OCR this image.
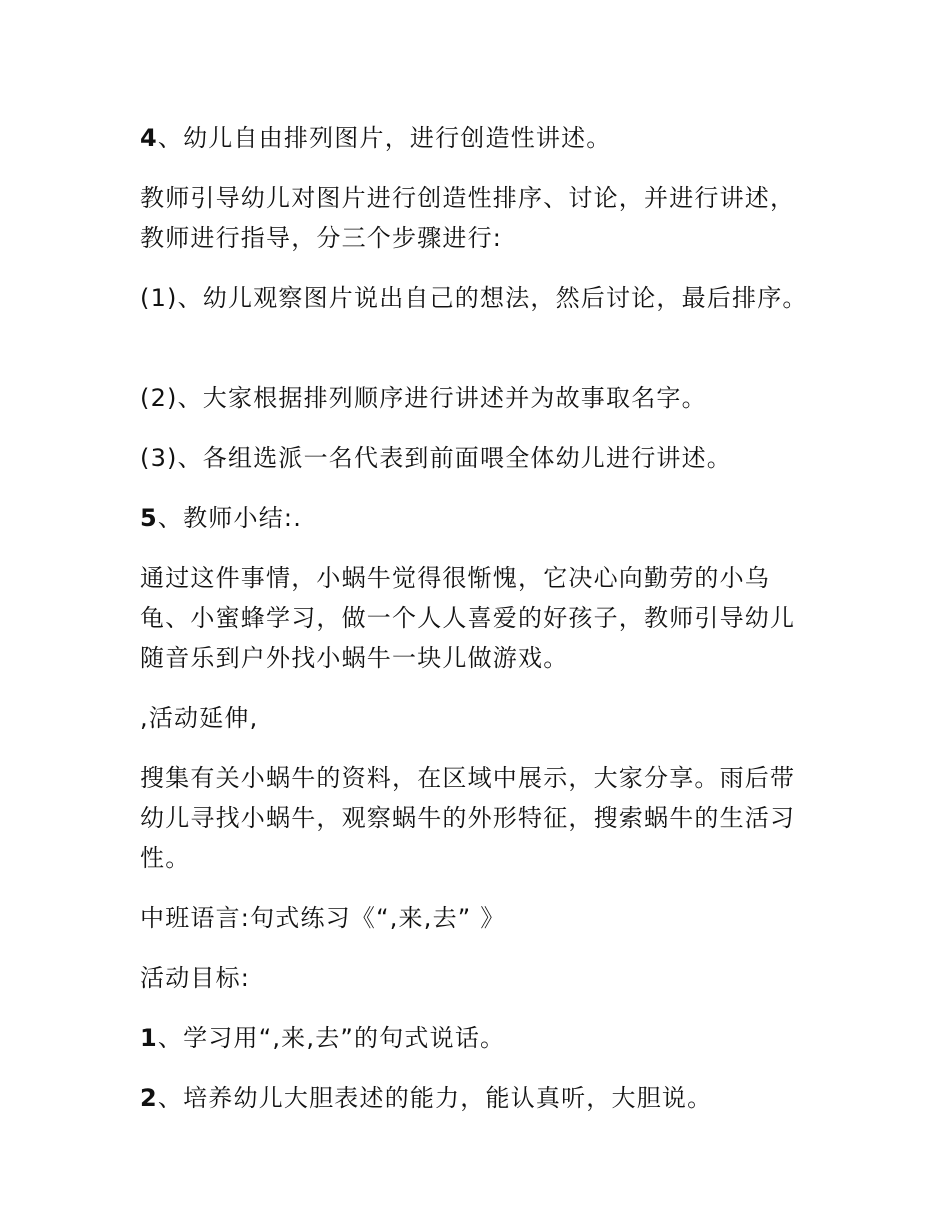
4、幼儿自由排列图片，进行创造性讲述。
教师引导幼儿对图片进行创造性排序、讨论，并进行讲述，教师进行指导，分三个步骤进行:
(1)、幼儿观察图片说出自己的想法，然后讨论，最后排序。
(2)、大家根据排列顺序进行讲述并为故事取名字。
(3)、各组选派一名代表到前面喂全体幼儿进行讲述。
5、教师小结:.
通过这件事情，小蜗牛觉得很惭愧，它决心向勤劳的小乌龟、小蜜蜂学习，做一个人人喜爱的好孩子，教师引导幼儿随音乐到户外找小蜗牛一块儿做游戏。
,活动延伸,
搜集有关小蜗牛的资料，在区域中展示，大家分享。雨后带幼儿寻找小蜗牛，观察蜗牛的外形特征，搜索蜗牛的生活习性。
中班语言:句式练习《“,来,去” 》
活动目标:
1、学习用“,来,去”的句式说话。
2、培养幼儿大胆表述的能力，能认真听，大胆说。
